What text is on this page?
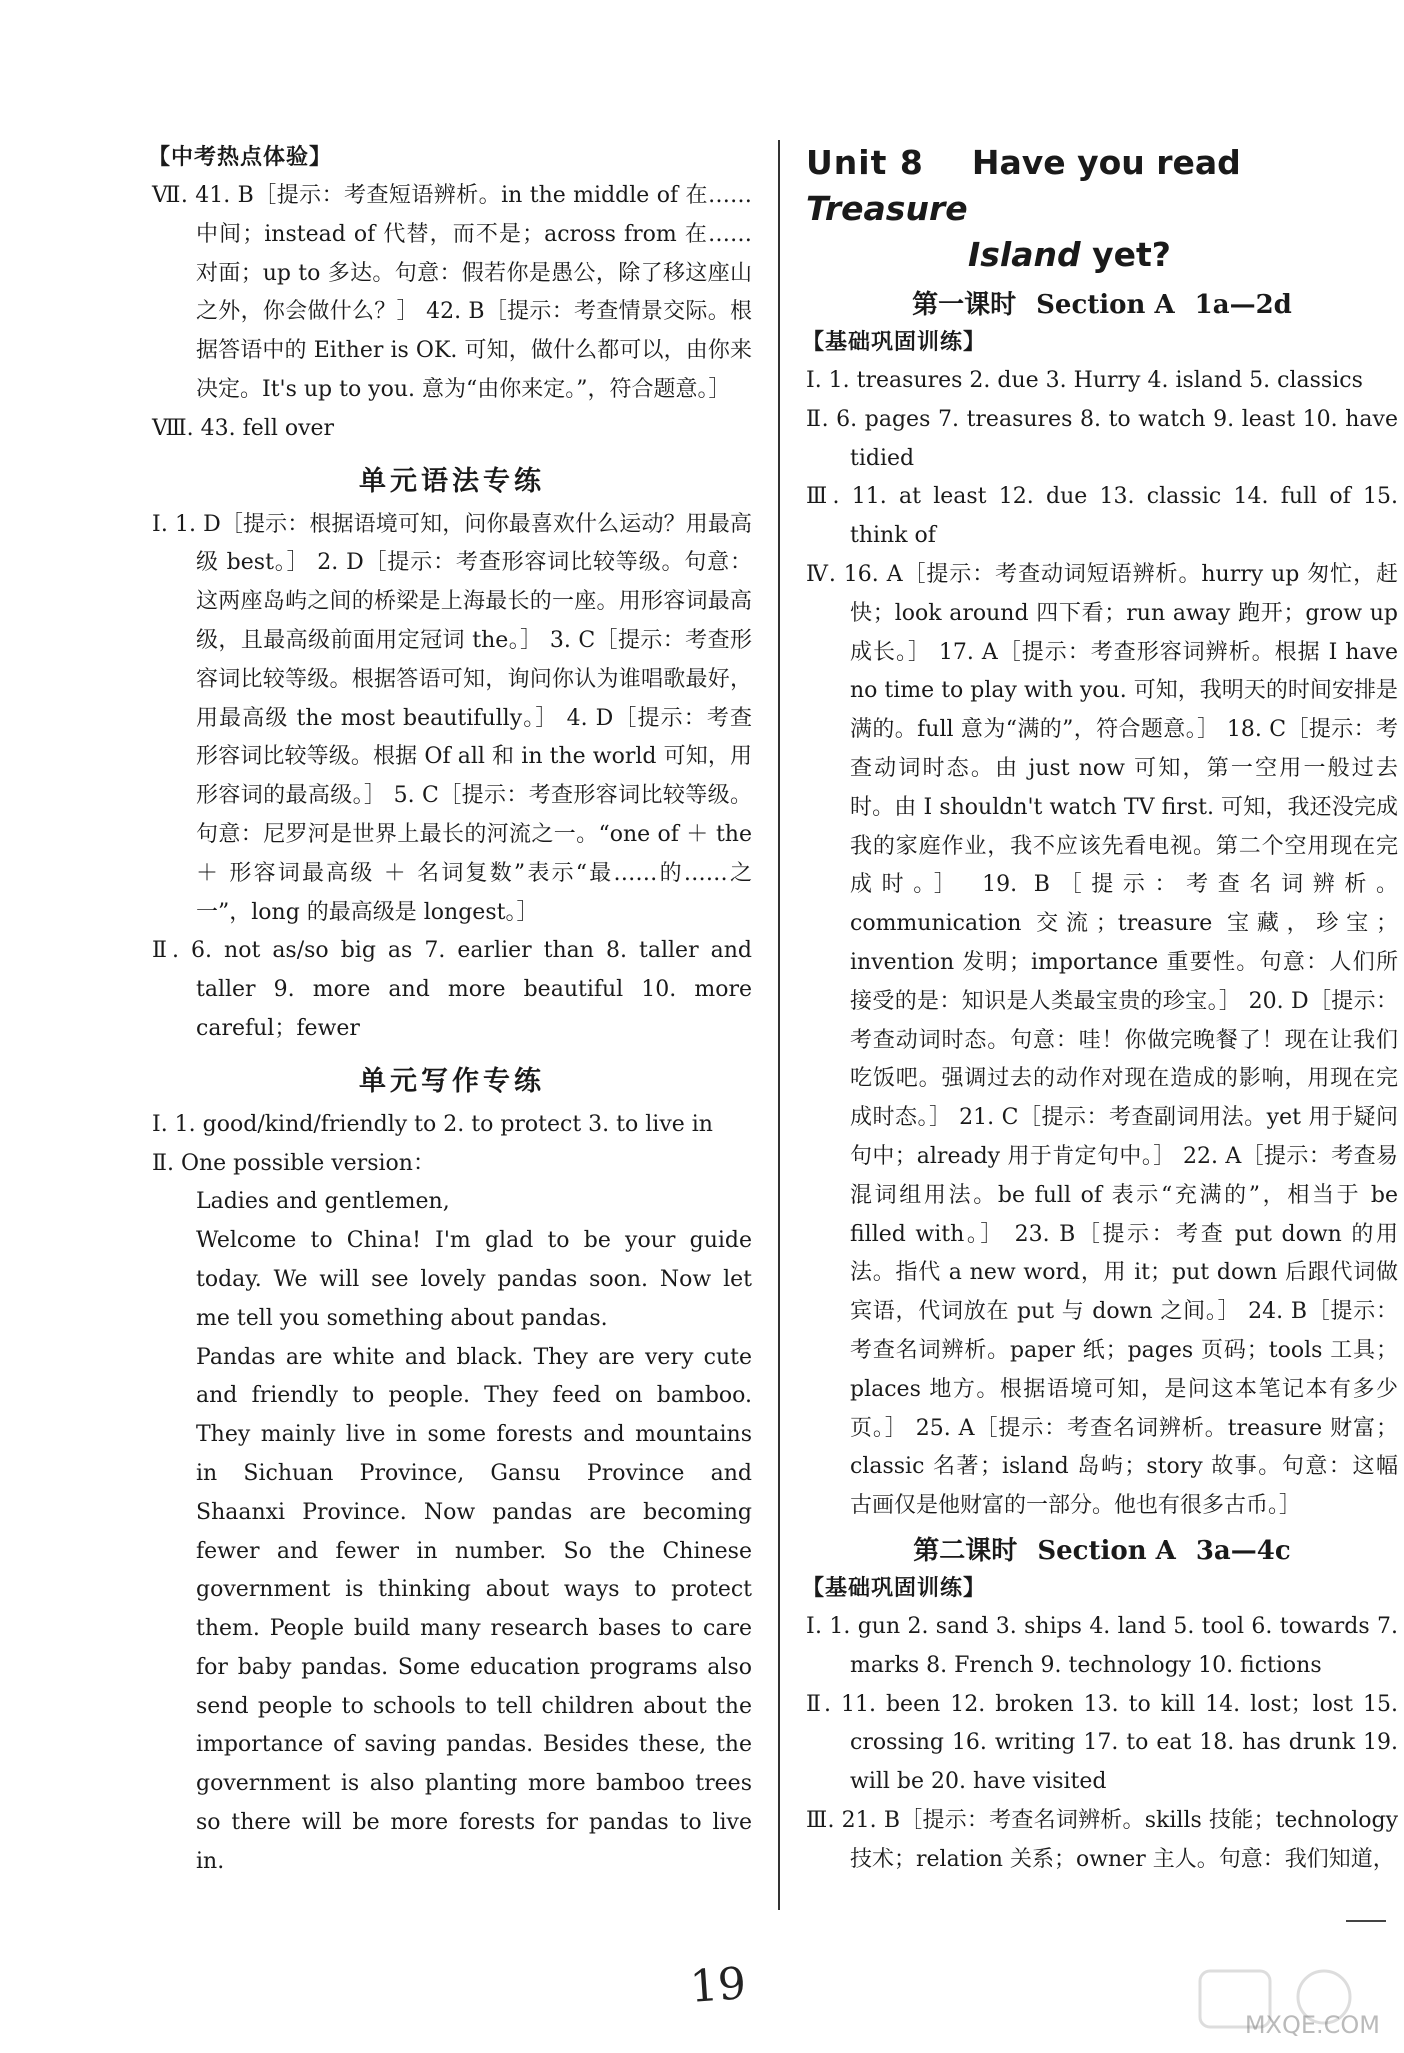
【中考热点体验】

Ⅶ. 41. B［提示：考查短语辨析。in the middle of 在……中间；instead of 代替，而不是；across from 在……对面；up to 多达。句意：假若你是愚公，除了移这座山之外，你会做什么？］ 42. B［提示：考查情景交际。根据答语中的 Either is OK. 可知，做什么都可以，由你来决定。It's up to you. 意为“由你来定。”，符合题意。］

Ⅷ. 43. fell over

单元语法专练

Ⅰ. 1. D［提示：根据语境可知，问你最喜欢什么运动？用最高级 best。］ 2. D［提示：考查形容词比较等级。句意：这两座岛屿之间的桥梁是上海最长的一座。用形容词最高级，且最高级前面用定冠词 the。］ 3. C［提示：考查形容词比较等级。根据答语可知，询问你认为谁唱歌最好，用最高级 the most beautifully。］ 4. D［提示：考查形容词比较等级。根据 Of all 和 in the world 可知，用形容词的最高级。］ 5. C［提示：考查形容词比较等级。句意：尼罗河是世界上最长的河流之一。“one of ＋ the ＋ 形容词最高级 ＋ 名词复数”表示“最……的……之一”，long 的最高级是 longest。］

Ⅱ. 6. not as/so big as 7. earlier than 8. taller and taller 9. more and more beautiful 10. more careful；fewer

单元写作专练

Ⅰ. 1. good/kind/friendly to 2. to protect 3. to live in

Ⅱ. One possible version：

Ladies and gentlemen,

Welcome to China! I'm glad to be your guide today. We will see lovely pandas soon. Now let me tell you something about pandas.

Pandas are white and black. They are very cute and friendly to people. They feed on bamboo. They mainly live in some forests and mountains in Sichuan Province, Gansu Province and Shaanxi Province. Now pandas are becoming fewer and fewer in number. So the Chinese government is thinking about ways to protect them. People build many research bases to care for baby pandas. Some education programs also send people to schools to tell children about the importance of saving pandas. Besides these, the government is also planting more bamboo trees so there will be more forests for pandas to live in.

Unit 8 Have you read Treasure
Island yet?
第一课时 Section A 1a—2d
【基础巩固训练】

Ⅰ. 1. treasures 2. due 3. Hurry 4. island 5. classics

Ⅱ. 6. pages 7. treasures 8. to watch 9. least 10. have tidied

Ⅲ. 11. at least 12. due 13. classic 14. full of 15. think of

Ⅳ. 16. A［提示：考查动词短语辨析。hurry up 匆忙，赶快；look around 四下看；run away 跑开；grow up 成长。］ 17. A［提示：考查形容词辨析。根据 I have no time to play with you. 可知，我明天的时间安排是满的。full 意为“满的”，符合题意。］ 18. C［提示：考查动词时态。由 just now 可知，第一空用一般过去时。由 I shouldn't watch TV first. 可知，我还没完成我的家庭作业，我不应该先看电视。第二个空用现在完成时。］ 19. B［提示：考查名词辨析。communication 交流；treasure 宝藏，珍宝；invention 发明；importance 重要性。句意：人们所接受的是：知识是人类最宝贵的珍宝。］ 20. D［提示：考查动词时态。句意：哇！你做完晚餐了！现在让我们吃饭吧。强调过去的动作对现在造成的影响，用现在完成时态。］ 21. C［提示：考查副词用法。yet 用于疑问句中；already 用于肯定句中。］ 22. A［提示：考查易混词组用法。be full of 表示“充满的”，相当于 be filled with。］ 23. B［提示：考查 put down 的用法。指代 a new word，用 it；put down 后跟代词做宾语，代词放在 put 与 down 之间。］ 24. B［提示：考查名词辨析。paper 纸；pages 页码；tools 工具；places 地方。根据语境可知，是问这本笔记本有多少页。］ 25. A［提示：考查名词辨析。treasure 财富；classic 名著；island 岛屿；story 故事。句意：这幅古画仅是他财富的一部分。他也有很多古币。］

第二课时 Section A 3a—4c
【基础巩固训练】

Ⅰ. 1. gun 2. sand 3. ships 4. land 5. tool 6. towards 7. marks 8. French 9. technology 10. fictions

Ⅱ. 11. been 12. broken 13. to kill 14. lost；lost 15. crossing 16. writing 17. to eat 18. has drunk 19. will be 20. have visited

Ⅲ. 21. B［提示：考查名词辨析。skills 技能；technology 技术；relation 关系；owner 主人。句意：我们知道，

19
MXQE.COM
